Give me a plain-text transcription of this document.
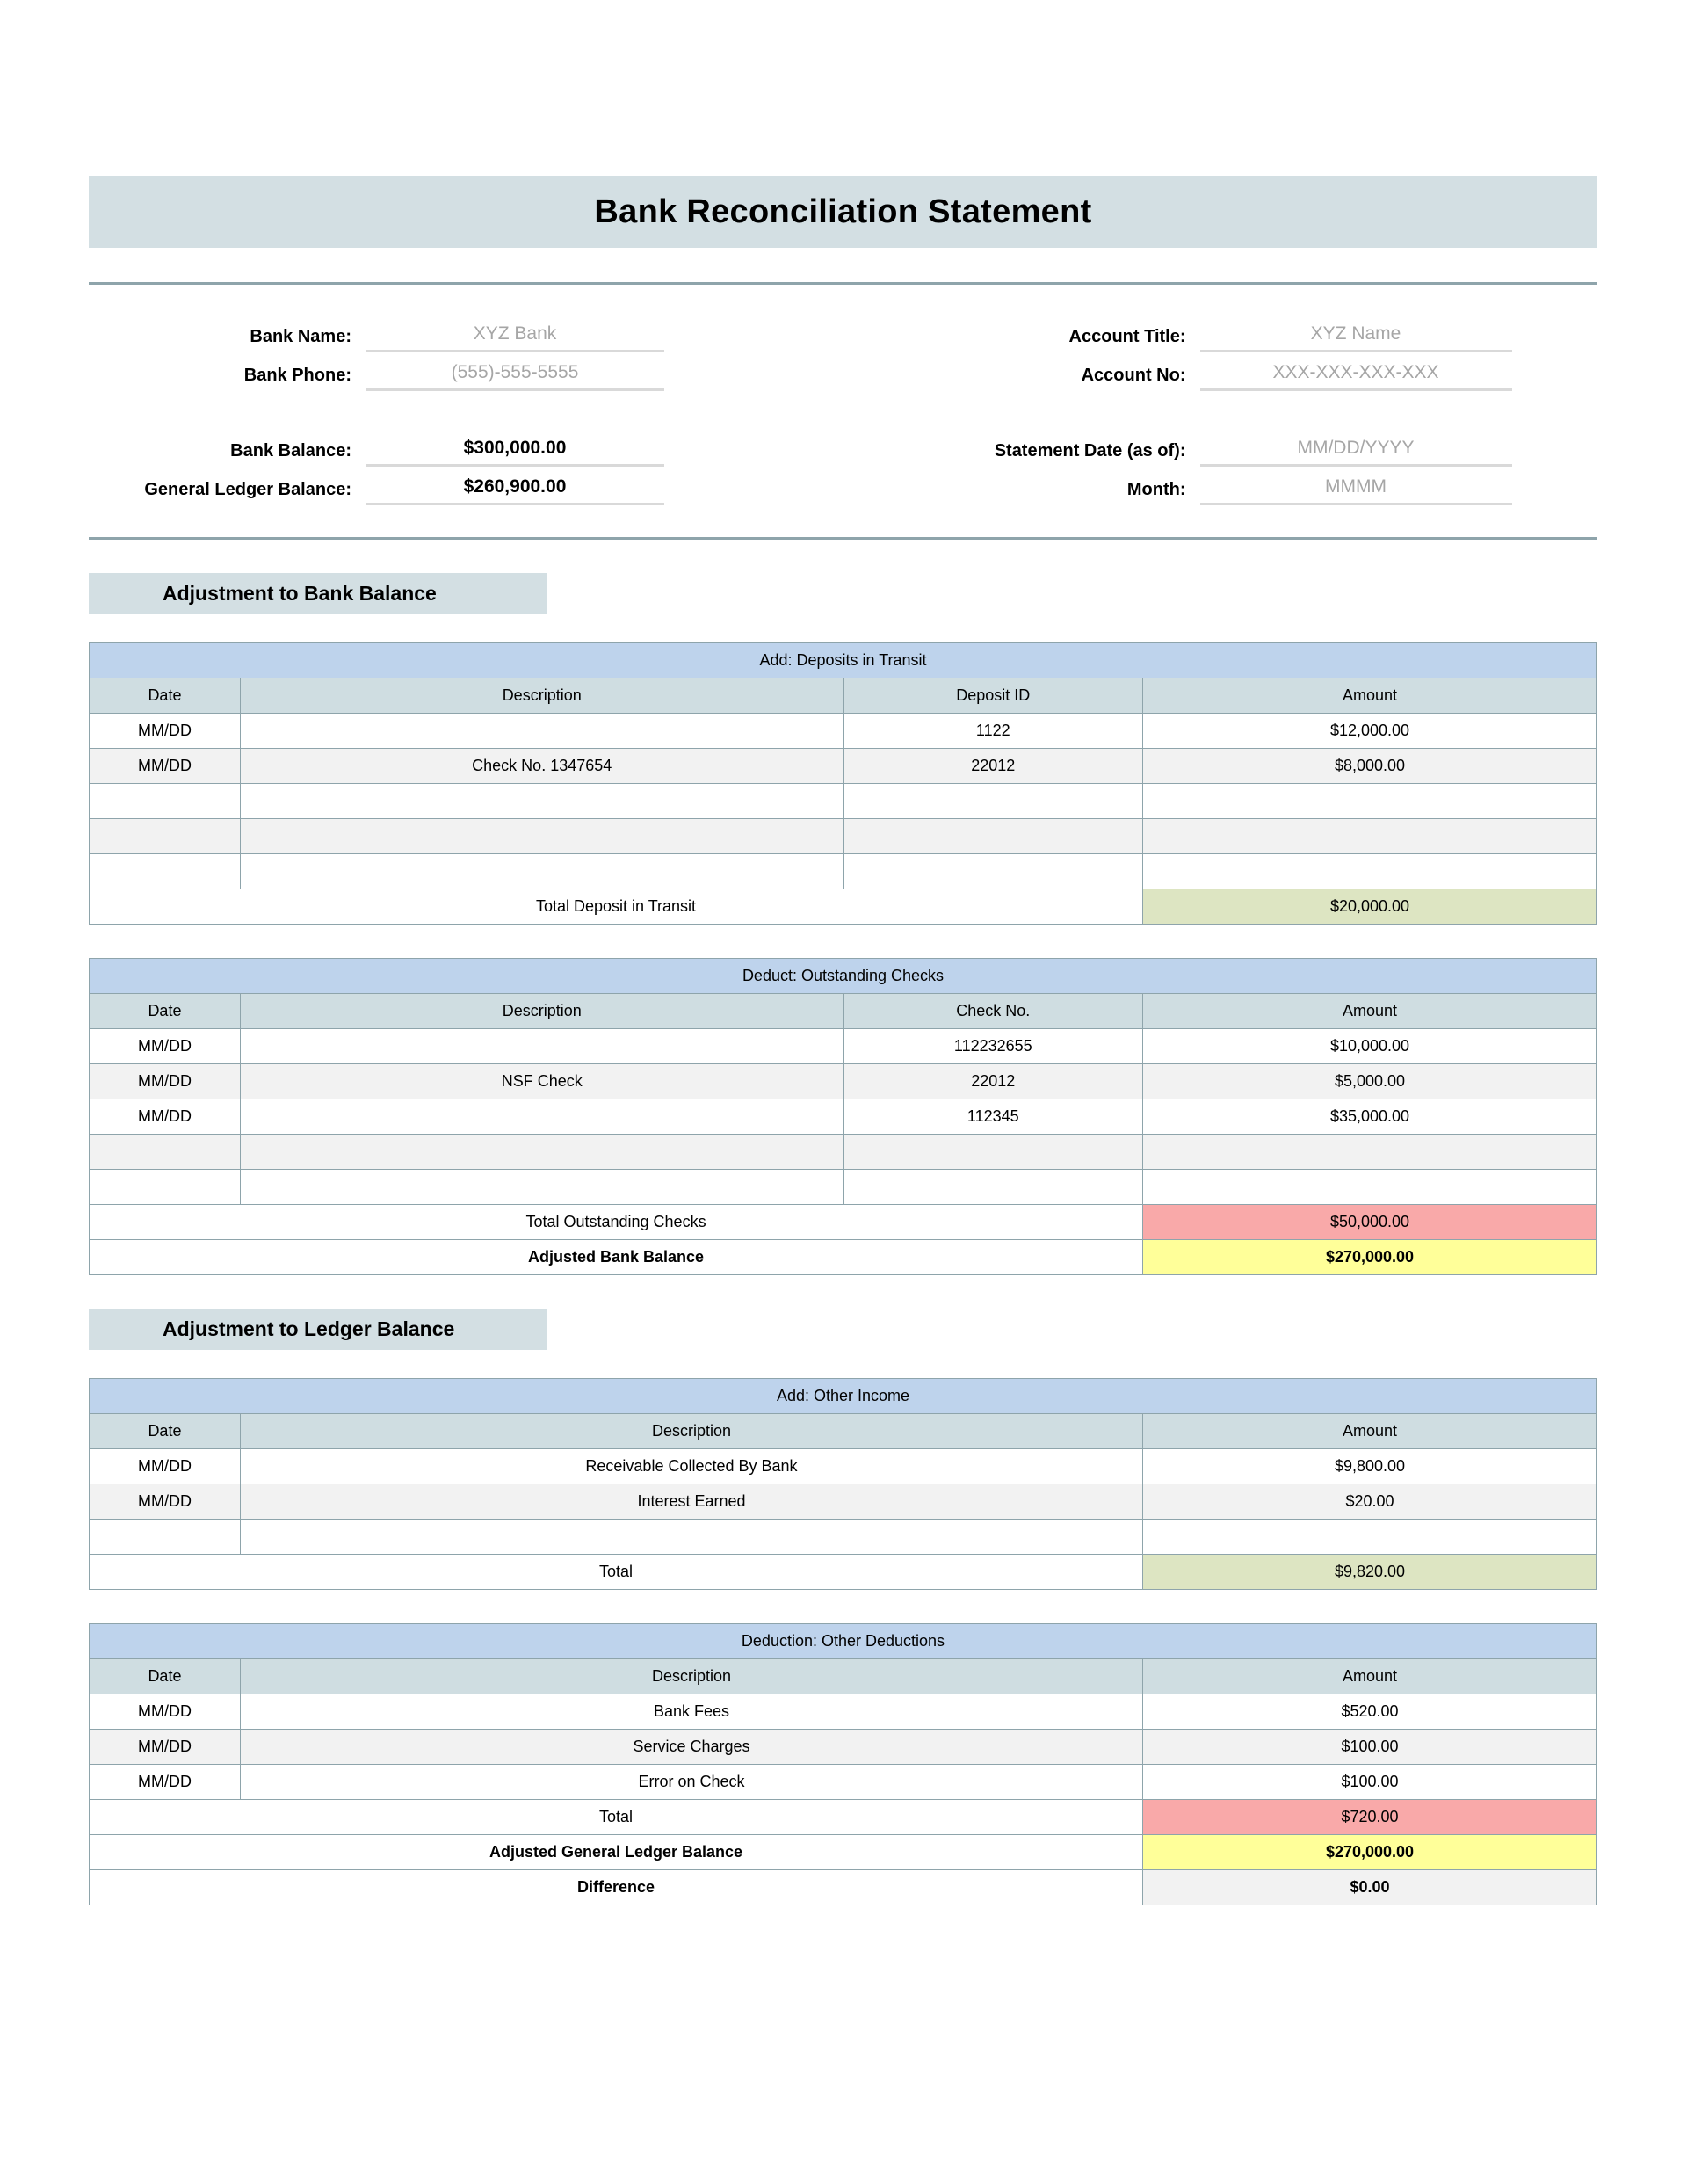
Bank Reconciliation Statement
Bank Name:	XYZ Bank
Bank Phone:	(555)-555-5555
Bank Balance:	$300,000.00
General Ledger Balance:	$260,900.00
Account Title:	XYZ Name
Account No:	XXX-XXX-XXX-XXX
Statement Date (as of):	MM/DD/YYYY
Month:	MMMM
Adjustment to Bank Balance
Add: Deposits in Transit			
Date	Description	Deposit ID	Amount
MM/DD		1122	$12,000.00
MM/DD	Check No. 1347654	22012	$8,000.00

Total Deposit in Transit			$20,000.00
Deduct: Outstanding Checks			
Date	Description	Check No.	Amount
MM/DD		112232655	$10,000.00
MM/DD	NSF Check	22012	$5,000.00
MM/DD		112345	$35,000.00

Total Outstanding Checks			$50,000.00
Adjusted Bank Balance			$270,000.00
Adjustment to Ledger Balance
Add: Other Income		
Date	Description	Amount
MM/DD	Receivable Collected By Bank	$9,800.00
MM/DD	Interest Earned	$20.00

Total		$9,820.00
Deduction: Other Deductions		
Date	Description	Amount
MM/DD	Bank Fees	$520.00
MM/DD	Service Charges	$100.00
MM/DD	Error on Check	$100.00
Total		$720.00
Adjusted General Ledger Balance		$270,000.00
Difference		$0.00
